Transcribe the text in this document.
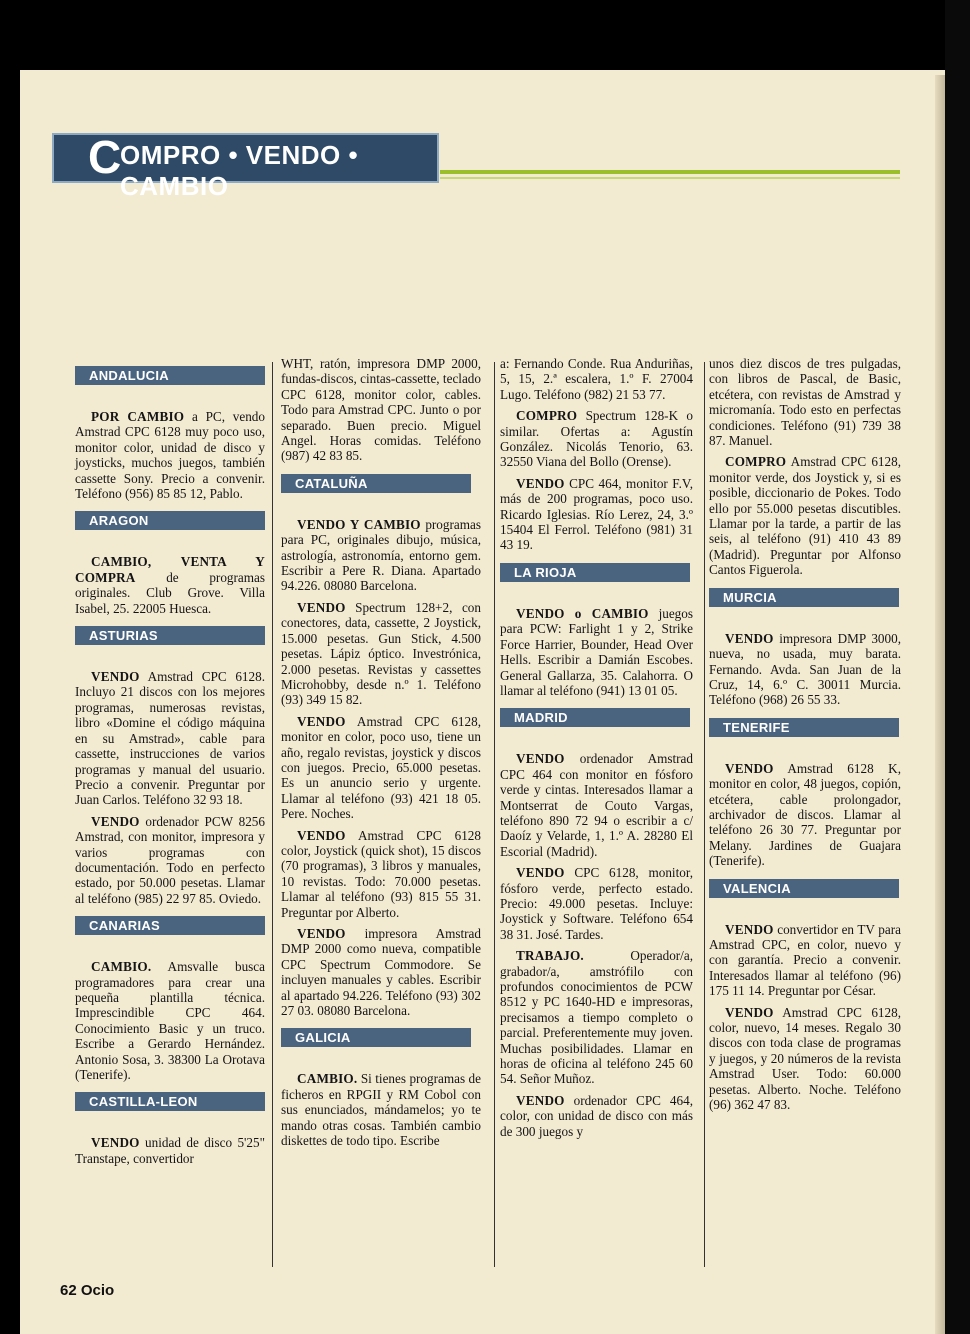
C
OMPRO • VENDO • CAMBIO
ANDALUCIA

POR CAMBIO a PC, vendo Amstrad CPC 6128 muy poco uso, monitor color, unidad de disco y joysticks, muchos juegos, también cassette Sony. Precio a convenir. Teléfono (956) 85 85 12, Pablo.

ARAGON

CAMBIO, VENTA Y COMPRA de programas originales. Club Grove. Villa Isabel, 25. 22005 Huesca.

ASTURIAS

VENDO Amstrad CPC 6128. Incluyo 21 discos con los mejores programas, numerosas revistas, libro «Domine el código máquina en su Amstrad», cable para cassette, instrucciones de varios programas y manual del usuario. Precio a convenir. Preguntar por Juan Carlos. Teléfono 32 93 18.

VENDO ordenador PCW 8256 Amstrad, con monitor, impresora y varios programas con documentación. Todo en perfecto estado, por 50.000 pesetas. Llamar al teléfono (985) 22 97 85. Oviedo.

CANARIAS

CAMBIO. Amsvalle busca programadores para crear una pequeña plantilla técnica. Imprescindible CPC 464. Conocimiento Basic y un truco. Escribe a Gerardo Hernández. Antonio Sosa, 3. 38300 La Orotava (Tenerife).

CASTILLA-LEON

VENDO unidad de disco 5'25" Transtape, convertidor

WHT, ratón, impresora DMP 2000, fundas-discos, cintas-cassette, teclado CPC 6128, monitor color, cables. Todo para Amstrad CPC. Junto o por separado. Buen precio. Miguel Angel. Horas comidas. Teléfono (987) 42 83 85.

CATALUÑA

VENDO Y CAMBIO programas para PC, originales dibujo, música, astrología, astronomía, entorno gem. Escribir a Pere R. Diana. Apartado 94.226. 08080 Barcelona.

VENDO Spectrum 128+2, con conectores, data, cassette, 2 Joystick, 15.000 pesetas. Gun Stick, 4.500 pesetas. Lápiz óptico. Investrónica, 2.000 pesetas. Revistas y cassettes Microhobby, desde n.º 1. Teléfono (93) 349 15 82.

VENDO Amstrad CPC 6128, monitor en color, poco uso, tiene un año, regalo revistas, joystick y discos con juegos. Precio, 65.000 pesetas. Es un anuncio serio y urgente. Llamar al teléfono (93) 421 18 05. Pere. Noches.

VENDO Amstrad CPC 6128 color, Joystick (quick shot), 15 discos (70 programas), 3 libros y manuales, 10 revistas. Todo: 70.000 pesetas. Llamar al teléfono (93) 815 55 31. Preguntar por Alberto.

VENDO impresora Amstrad DMP 2000 como nueva, compatible CPC Spectrum Commodore. Se incluyen manuales y cables. Escribir al apartado 94.226. Teléfono (93) 302 27 03. 08080 Barcelona.

GALICIA

CAMBIO. Si tienes programas de ficheros en RPGII y RM Cobol con sus enunciados, mándamelos; yo te mando otras cosas. También cambio diskettes de todo tipo. Escribe

a: Fernando Conde. Rua Anduriñas, 5, 15, 2.ª escalera, 1.º F. 27004 Lugo. Teléfono (982) 21 53 77.

COMPRO Spectrum 128-K o similar. Ofertas a: Agustín González. Nicolás Tenorio, 63. 32550 Viana del Bollo (Orense).

VENDO CPC 464, monitor F.V, más de 200 programas, poco uso. Ricardo Iglesias. Río Lerez, 24, 3.º 15404 El Ferrol. Teléfono (981) 31 43 19.

LA RIOJA

VENDO o CAMBIO juegos para PCW: Farlight 1 y 2, Strike Force Harrier, Bounder, Head Over Hells. Escribir a Damián Escobes. General Gallarza, 35. Calahorra. O llamar al teléfono (941) 13 01 05.

MADRID

VENDO ordenador Amstrad CPC 464 con monitor en fósforo verde y cintas. Interesados llamar a Montserrat de Couto Vargas, teléfono 890 72 94 o escribir a c/ Daoíz y Velarde, 1, 1.º A. 28280 El Escorial (Madrid).

VENDO CPC 6128, monitor, fósforo verde, perfecto estado. Precio: 49.000 pesetas. Incluye: Joystick y Software. Teléfono 654 38 31. José. Tardes.

TRABAJO. Operador/a, grabador/a, amstrófilo con profundos conocimientos de PCW 8512 y PC 1640-HD e impresoras, precisamos a tiempo completo o parcial. Preferentemente muy joven. Muchas posibilidades. Llamar en horas de oficina al teléfono 245 60 54. Señor Muñoz.

VENDO ordenador CPC 464, color, con unidad de disco con más de 300 juegos y

unos diez discos de tres pulgadas, con libros de Pascal, de Basic, etcétera, con revistas de Amstrad y micromanía. Todo esto en perfectas condiciones. Teléfono (91) 739 38 87. Manuel.

COMPRO Amstrad CPC 6128, monitor verde, dos Joystick y, si es posible, diccionario de Pokes. Todo ello por 55.000 pesetas discutibles. Llamar por la tarde, a partir de las seis, al teléfono (91) 410 43 89 (Madrid). Preguntar por Alfonso Cantos Figuerola.

MURCIA

VENDO impresora DMP 3000, nueva, no usada, muy barata. Fernando. Avda. San Juan de la Cruz, 14, 6.º C. 30011 Murcia. Teléfono (968) 26 55 33.

TENERIFE

VENDO Amstrad 6128 K, monitor en color, 48 juegos, copión, etcétera, cable prolongador, archivador de discos. Llamar al teléfono 26 30 77. Preguntar por Melany. Jardines de Guajara (Tenerife).

VALENCIA

VENDO convertidor en TV para Amstrad CPC, en color, nuevo y con garantía. Precio a convenir. Interesados llamar al teléfono (96) 175 11 14. Preguntar por César.

VENDO Amstrad CPC 6128, color, nuevo, 14 meses. Regalo 30 discos con toda clase de programas y juegos, y 20 números de la revista Amstrad User. Todo: 60.000 pesetas. Alberto. Noche. Teléfono (96) 362 47 83.

62 Ocio
